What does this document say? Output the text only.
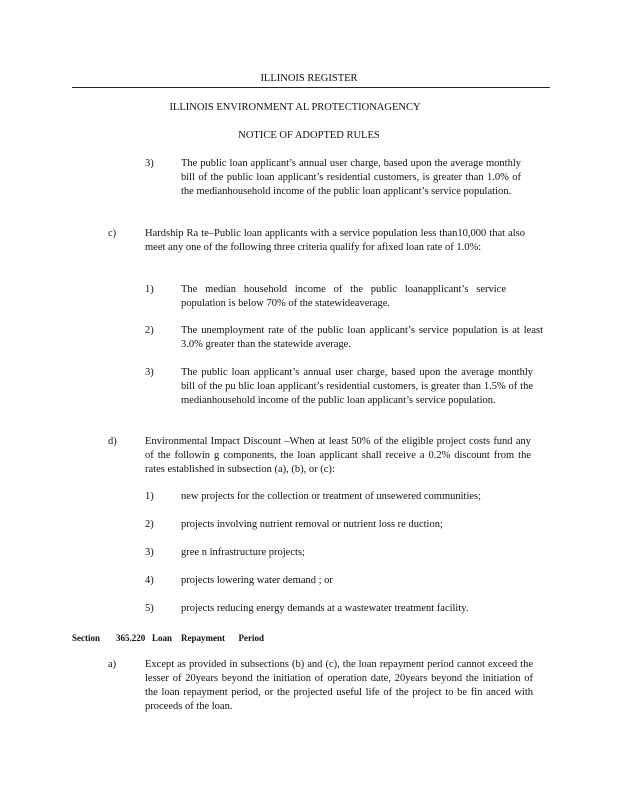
ILLINOIS REGISTER
ILLINOIS ENVIRONMENT AL PROTECTIONAGENCY
NOTICE OF ADOPTED RULES
3)	The public loan applicant’s annual user charge, based upon the average monthly bill of the public loan applicant’s residential customers, is greater than 1.0% of the medianhousehold income of the public loan applicant’s service population.
c)	Hardship Ra te–Public loan applicants with a service population less than10,000 that also meet any one of the following three criteria qualify for afixed loan rate of 1.0%:
1)	The median household income of the public loanapplicant’s service population is below 70% of the statewideaverage.
2)	The unemployment rate of the public loan applicant’s service population is at least 3.0% greater than the statewide average.
3)	The public loan applicant’s annual user charge, based upon the average monthly bill of the pu blic loan applicant’s residential customers, is greater than 1.5% of the medianhousehold income of the public loan applicant’s service population.
d)	Environmental Impact Discount –When at least 50% of the eligible project costs fund any of the followin g components, the loan applicant shall receive a 0.2% discount from the rates established in subsection (a), (b), or (c):
1)	new projects for the collection or treatment of unsewered communities;
2)	projects involving nutrient removal or nutrient loss re duction;
3)	gree n infrastructure projects;
4)	projects lowering water demand ; or
5)	projects reducing energy demands at a wastewater treatment facility.
Section 365.220 Loan    Repayment      Period
a)	Except as provided in subsections (b) and (c), the loan repayment period cannot exceed the lesser of 20years beyond the initiation of operation date, 20years beyond the initiation of the loan repayment period, or the projected useful life of the project to be fin anced with proceeds of the loan.
